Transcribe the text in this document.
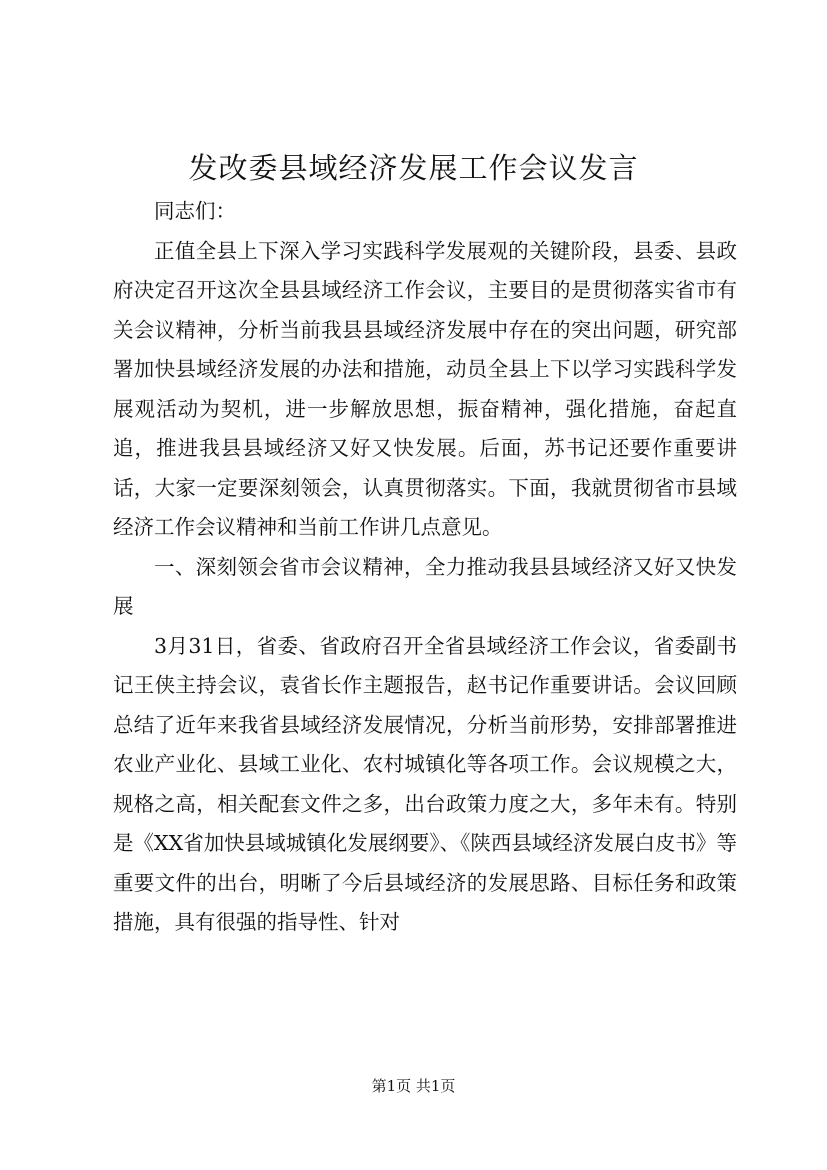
发改委县域经济发展工作会议发言

同志们：

正值全县上下深入学习实践科学发展观的关键阶段，县委、县政府决定召开这次全县县域经济工作会议，主要目的是贯彻落实省市有关会议精神，分析当前我县县域经济发展中存在的突出问题，研究部署加快县域经济发展的办法和措施，动员全县上下以学习实践科学发展观活动为契机，进一步解放思想，振奋精神，强化措施，奋起直追，推进我县县域经济又好又快发展。后面，苏书记还要作重要讲话，大家一定要深刻领会，认真贯彻落实。下面，我就贯彻省市县域经济工作会议精神和当前工作讲几点意见。

一、深刻领会省市会议精神，全力推动我县县域经济又好又快发展

3月31日，省委、省政府召开全省县域经济工作会议，省委副书记王侠主持会议，袁省长作主题报告，赵书记作重要讲话。会议回顾总结了近年来我省县域经济发展情况，分析当前形势，安排部署推进农业产业化、县域工业化、农村城镇化等各项工作。会议规模之大，规格之高，相关配套文件之多，出台政策力度之大，多年未有。特别是《XX省加快县域城镇化发展纲要》、《陕西县域经济发展白皮书》等重要文件的出台，明晰了今后县域经济的发展思路、目标任务和政策措施，具有很强的指导性、针对

第1页 共1页
